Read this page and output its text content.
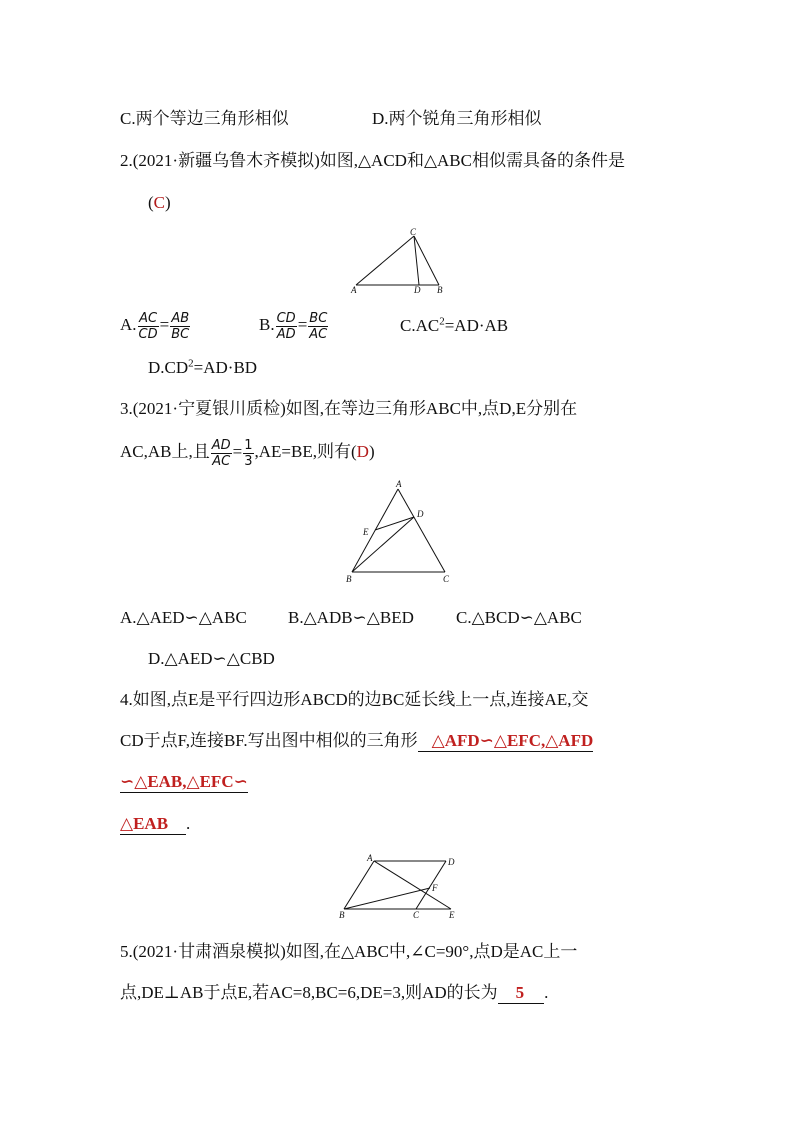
C.两个等边三角形相似	D.两个锐角三角形相似
2.(2021·新疆乌鲁木齐模拟)如图,△ACD和△ABC相似需具备的条件是
(C)
C
A	D B
A. $\frac{AC}{CD} = \frac{AB}{BC}$	B. $\frac{CD}{AD} = \frac{BC}{AC}$	$C.AC^2=AD\cdot AB$
$D.CD^2=AD\cdot BD$
3.(2021·宁夏银川质检)如图,在等边三角形ABC中,点D,E分别在
AC,AB上,且 $\frac{AD}{AC} = \frac{1}{3} ,AE=BE$,则有(D)
A
D
E
B	C
A.△AED∽△ABC B.△ADB∽△BED C.△BCD∽△ABC
D.△AED∽△CBD
4.如图,点E是平行四边形ABCD的边BC延长线上一点,连接AE,交
CD于点F,连接BF.写出图中相似的三角形 △AFD∽△EFC,△AFD
∽△EAB,△EFC∽
△EAB .
A	D
F
B	C	E
5.(2021·甘肃酒泉模拟)如图,在△ABC中,∠C=90°,点D是AC上一
点,DE⊥AB于点E,若AC=8,BC=6,DE=3,则AD的长为 5 .
